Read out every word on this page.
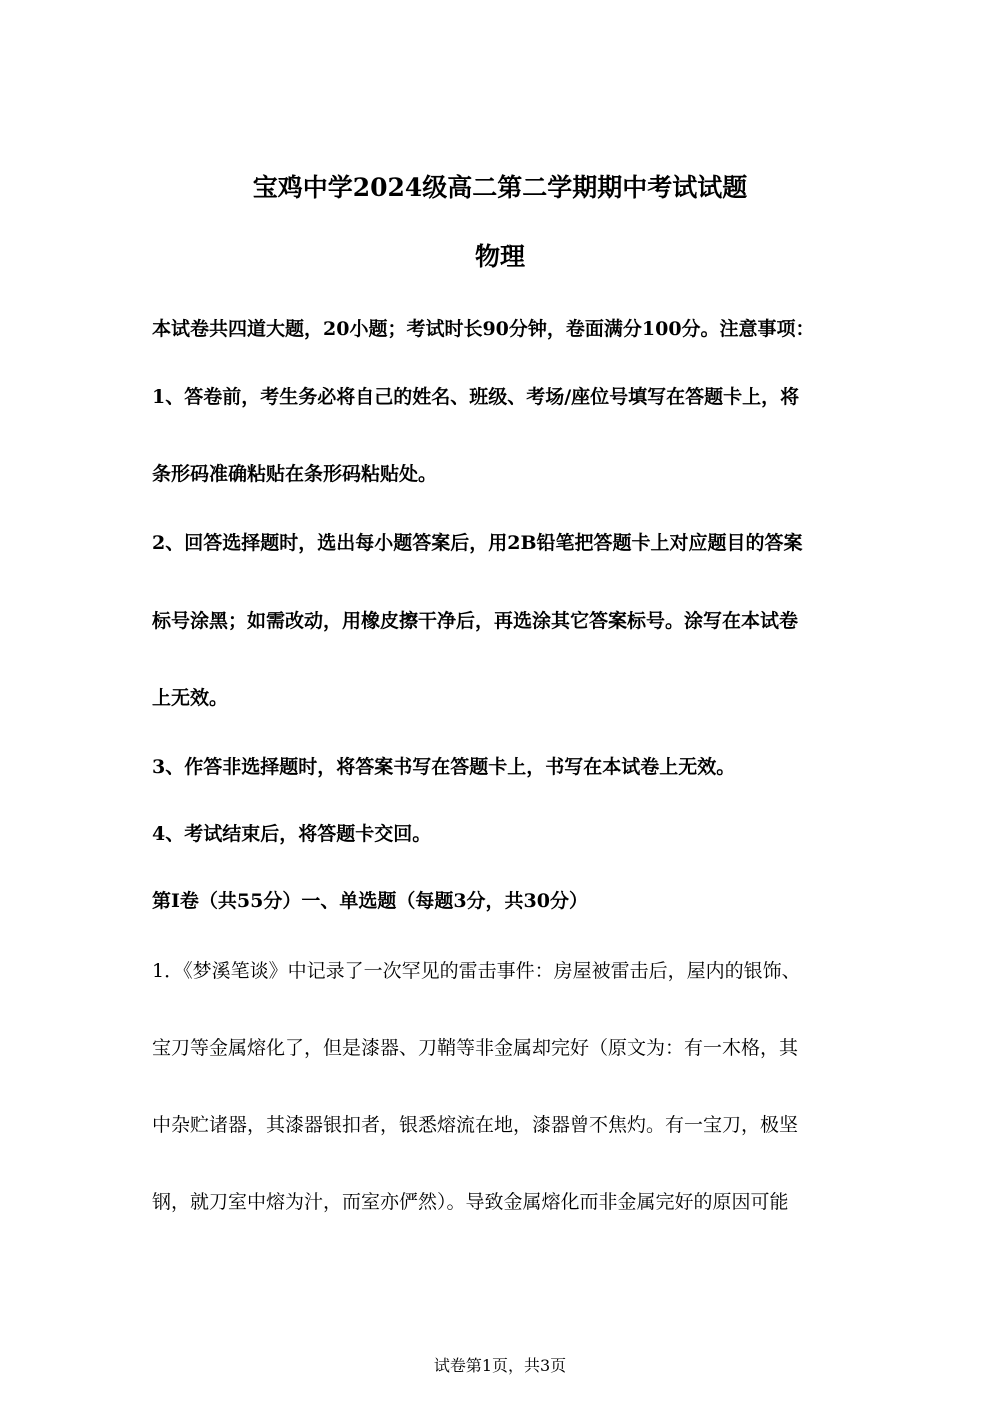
宝鸡中学2024级高二第二学期期中考试试题
物理
本试卷共四道大题，20小题；考试时长90分钟，卷面满分100分。注意事项：
1、答卷前，考生务必将自己的姓名、班级、考场/座位号填写在答题卡上，将
条形码准确粘贴在条形码粘贴处。
2、回答选择题时，选出每小题答案后，用2B铅笔把答题卡上对应题目的答案
标号涂黑；如需改动，用橡皮擦干净后，再选涂其它答案标号。涂写在本试卷
上无效。
3、作答非选择题时，将答案书写在答题卡上，书写在本试卷上无效。
4、考试结束后，将答题卡交回。
第Ⅰ卷（共55分）一、单选题（每题3分，共30分）
1．《梦溪笔谈》中记录了一次罕见的雷击事件：房屋被雷击后，屋内的银饰、
宝刀等金属熔化了，但是漆器、刀鞘等非金属却完好（原文为：有一木格，其
中杂贮诸器，其漆器银扣者，银悉熔流在地，漆器曾不焦灼。有一宝刀，极坚
钢，就刀室中熔为汁，而室亦俨然）。导致金属熔化而非金属完好的原因可能
试卷第1页，共3页
